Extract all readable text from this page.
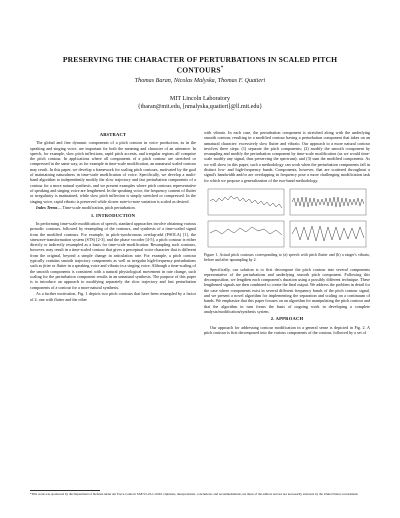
PRESERVING THE CHARACTER OF PERTURBATIONS IN SCALED PITCH CONTOURS*
Thomas Baran, Nicolas Malyska, Thomas F. Quatieri
MIT Lincoln Laboratory
{tbaran@mit.edu, [nmalyska,quatieri]@ll.mit.edu}
ABSTRACT

The global and fine dynamic components of a pitch contour in voice production, as in the speaking and singing voice, are important for both the meaning and character of an utterance. In speech, for example, slow pitch inflections, rapid pitch accents, and irregular regions all comprise the pitch contour. In applications where all components of a pitch contour are stretched or compressed in the same way, as for example in time-scale modification, an unnatural scaled contour may result. In this paper, we develop a framework for scaling pitch contours, motivated by the goal of maintaining naturalness in time-scale modification of voice. Specifically, we develop a multi-band algorithm to independently modify the slow trajectory and fast perturbation components of a contour for a more natural synthesis, and we present examples where pitch contours representative of speaking and singing voice are lengthened. In the speaking voice, the frequency content of flutter or irregularity is maintained, while slow pitch inflection is simply stretched or compressed. In the singing voice, rapid vibrato is preserved while slower note-to-note variation is scaled as desired.

Index Terms— Time-scale modification, pitch perturbation.

1. INTRODUCTION

In performing time-scale modification of speech, standard approaches involve obtaining various prosodic contours, followed by resampling of the contours, and synthesis of a time-scaled signal from the modified contours. For example, in pitch-synchronous overlap-add (PSOLA) [1], the sinewave-transformation system (STS) [2-3], and the phase vocoder [4-5], a pitch contour is either directly or indirectly resampled as a basis for time-scale modification. Resampling such contours, however, may result in a time-scaled contour that gives a perceptual voice character that is different from the original, beyond a simple change in articulation rate. For example, a pitch contour typically contains smooth trajectory components as well as irregular high-frequency perturbations such as jitter or flutter in a speaking voice and vibrato in a singing voice. Although a time-scaling of the smooth components is consistent with a natural physiological movement in rate change, such scaling for the perturbation component results in an unnatural synthesis. The purpose of this paper is to introduce an approach to modifying separately the slow trajectory and fast perturbation components of a contour for a more natural synthesis.

As a further motivation, Fig. 1 depicts two pitch contours that have been resampled by a factor of 2: one with flutter and the other

with vibrato. In each case, the perturbation component is stretched along with the underlying smooth contour, resulting in a modified contour having a perturbation component that takes on an unnatural character: excessively slow flutter and vibrato. Our approach to a more natural contour involves three steps: (1) separate the pitch components; (2) modify the smooth component by resampling and modify the perturbation component by time-scale modification (as we would time-scale modify any signal, thus preserving the spectrum); and (3) sum the modified components. As we will show in this paper, such a methodology can work when the perturbation components fall in distinct low- and high-frequency bands. Components, however, that are scattered throughout a signal's bandwidth and/or are overlapping in frequency pose a more challenging modification task for which we propose a generalization of the two-band methodology.

Figure 1. Actual pitch contours corresponding to (a) speech with pitch flutter and (b) a singer's vibrato, before and after upsampling by 2.

Specifically, our solution is to first decompose the pitch contour into several components representative of the perturbations and underlying smooth pitch component. Following this decomposition, we lengthen each component's duration using a possibly different technique. These lengthened signals are then combined to create the final output. We address the problem in detail for the case where components exist in several different frequency bands of the pitch contour signal, and we present a novel algorithm for implementing the separation and scaling on a continuum of bands. We emphasize that this paper focuses on an algorithm for manipulating the pitch contour and that the algorithm in turn forms the basis of ongoing work in developing a complete analysis/modification/synthesis system.

2. APPROACH

Our approach for addressing contour modification in a general sense is depicted in Fig. 2. A pitch contour is first decomposed into the various components of the contour, followed by a set of

*This work was sponsored by the Department of Defense under Air Force Contract FA8721-05-C-0002. Opinions, interpretations, conclusions, and recommendations are those of the authors and are not necessarily endorsed by the United States Government.
